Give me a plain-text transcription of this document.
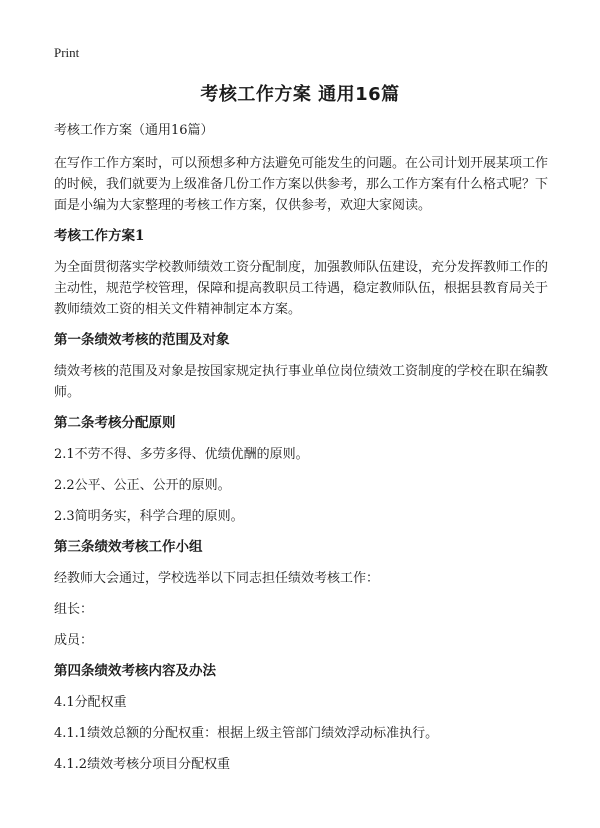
Print
考核工作方案 通用16篇

考核工作方案（通用16篇）

在写作工作方案时，可以预想多种方法避免可能发生的问题。在公司计划开展某项工作的时候，我们就要为上级准备几份工作方案以供参考，那么工作方案有什么格式呢？下面是小编为大家整理的考核工作方案，仅供参考，欢迎大家阅读。

考核工作方案1

为全面贯彻落实学校教师绩效工资分配制度，加强教师队伍建设，充分发挥教师工作的主动性，规范学校管理，保障和提高教职员工待遇，稳定教师队伍，根据县教育局关于教师绩效工资的相关文件精神制定本方案。

第一条绩效考核的范围及对象

绩效考核的范围及对象是按国家规定执行事业单位岗位绩效工资制度的学校在职在编教师。

第二条考核分配原则
2.1不劳不得、多劳多得、优绩优酬的原则。
2.2公平、公正、公开的原则。
2.3简明务实，科学合理的原则。
第三条绩效考核工作小组
经教师大会通过，学校选举以下同志担任绩效考核工作：
组长：
成员：
第四条绩效考核内容及办法
4.1分配权重
4.1.1绩效总额的分配权重：根据上级主管部门绩效浮动标准执行。
4.1.2绩效考核分项目分配权重
